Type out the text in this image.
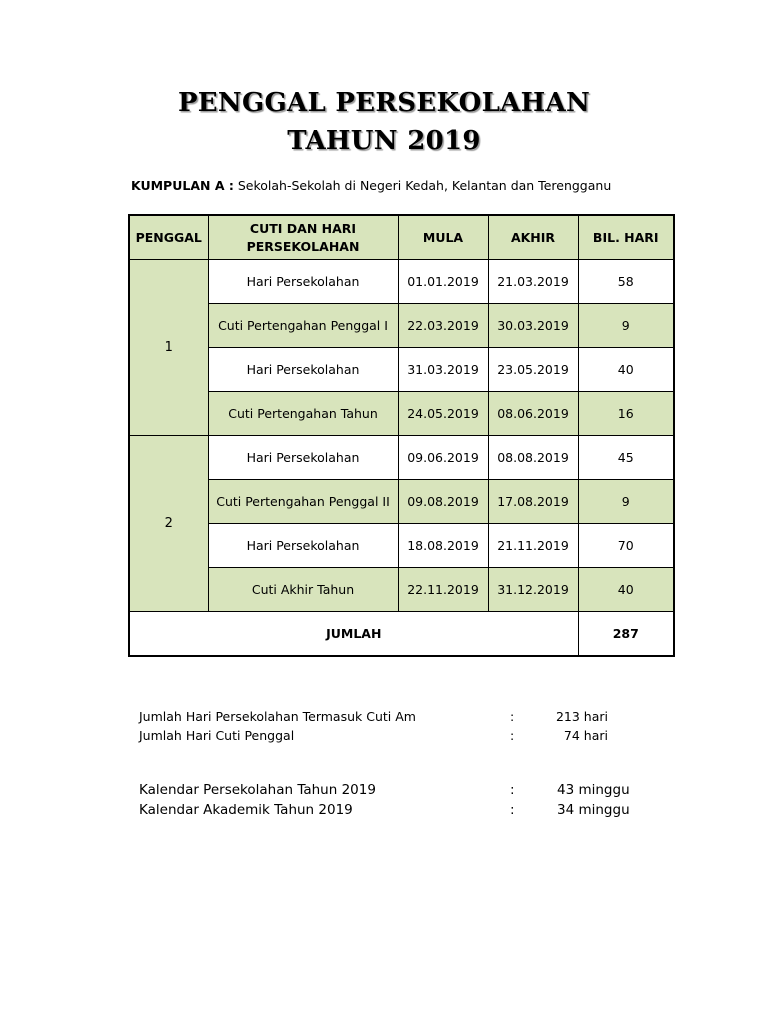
PENGGAL PERSEKOLAHAN
TAHUN 2019
KUMPULAN A : Sekolah-Sekolah di Negeri Kedah, Kelantan dan Terengganu
PENGGAL	CUTI DAN HARI PERSEKOLAHAN	MULA	AKHIR	BIL. HARI
1	Hari Persekolahan	01.01.2019	21.03.2019	58
	Cuti Pertengahan Penggal I	22.03.2019	30.03.2019	9
	Hari Persekolahan	31.03.2019	23.05.2019	40
	Cuti Pertengahan Tahun	24.05.2019	08.06.2019	16
2	Hari Persekolahan	09.06.2019	08.08.2019	45
	Cuti Pertengahan Penggal II	09.08.2019	17.08.2019	9
	Hari Persekolahan	18.08.2019	21.11.2019	70
	Cuti Akhir Tahun	22.11.2019	31.12.2019	40
JUMLAH				287
Jumlah Hari Persekolahan Termasuk Cuti Am	:	213 hari
Jumlah Hari Cuti Penggal	:	74 hari
Kalendar Persekolahan Tahun 2019	:	43 minggu
Kalendar Akademik Tahun 2019	:	34 minggu
